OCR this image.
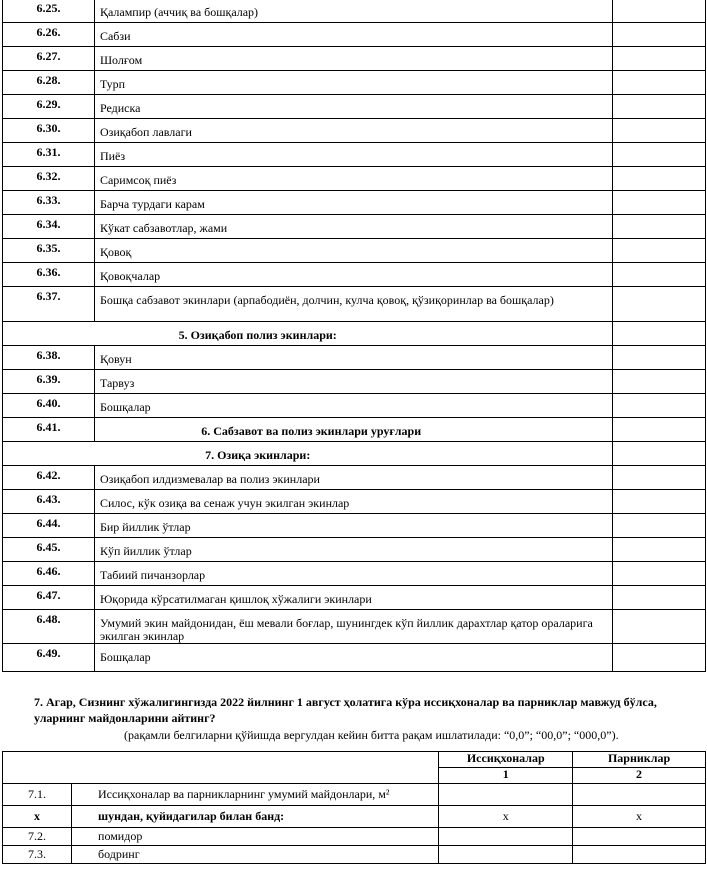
6.25.	Қалампир (аччиқ ва бошқалар)	
6.26.	Сабзи	
6.27.	Шолғом	
6.28.	Турп	
6.29.	Редиска	
6.30.	Озиқабоп лавлаги	
6.31.	Пиёз	
6.32.	Саримсоқ пиёз	
6.33.	Барча турдаги карам	
6.34.	Кўкат сабзавотлар, жами	
6.35.	Қовоқ	
6.36.	Қовоқчалар	
6.37.	Бошқа сабзавот экинлари (арпабодиён, долчин, кулча қовоқ, қўзиқоринлар ва бошқалар)	
5. Озиқабоп полиз экинлари:		
6.38.	Қовун	
6.39.	Тарвуз	
6.40.	Бошқалар	
6.41.	6. Сабзавот ва полиз экинлари уруғлари	
7. Озиқа экинлари:		
6.42.	Озиқабоп илдизмевалар ва полиз экинлари	
6.43.	Силос, кўк озиқа ва сенаж учун экилган экинлар	
6.44.	Бир йиллик ўтлар	
6.45.	Кўп йиллик ўтлар	
6.46.	Табиий пичанзорлар	
6.47.	Юқорида кўрсатилмаган қишлоқ хўжалиги экинлари	
6.48.	Умумий экин майдонидан, ёш мевали боғлар, шунингдек кўп йиллик дарахтлар қатор ораларига экилган экинлар	
6.49.	Бошқалар	
7. Агар, Сизнинг хўжалигингизда 2022 йилнинг 1 август ҳолатига кўра иссиқхоналар ва парниклар мавжуд бўлса, уларнинг майдонларини айтинг?
(рақамли белгиларни қўйишда вергулдан кейин битта рақам ишлатилади: “0,0”; “00,0”; “000,0”).
		Иссиқхоналар	Парниклар
		1	2
7.1.	Иссиқхоналар ва парникларнинг умумий майдонлари, м²		
x	шундан, қуйидагилар билан банд:	x	x
7.2.	помидор		
7.3.	бодринг		
